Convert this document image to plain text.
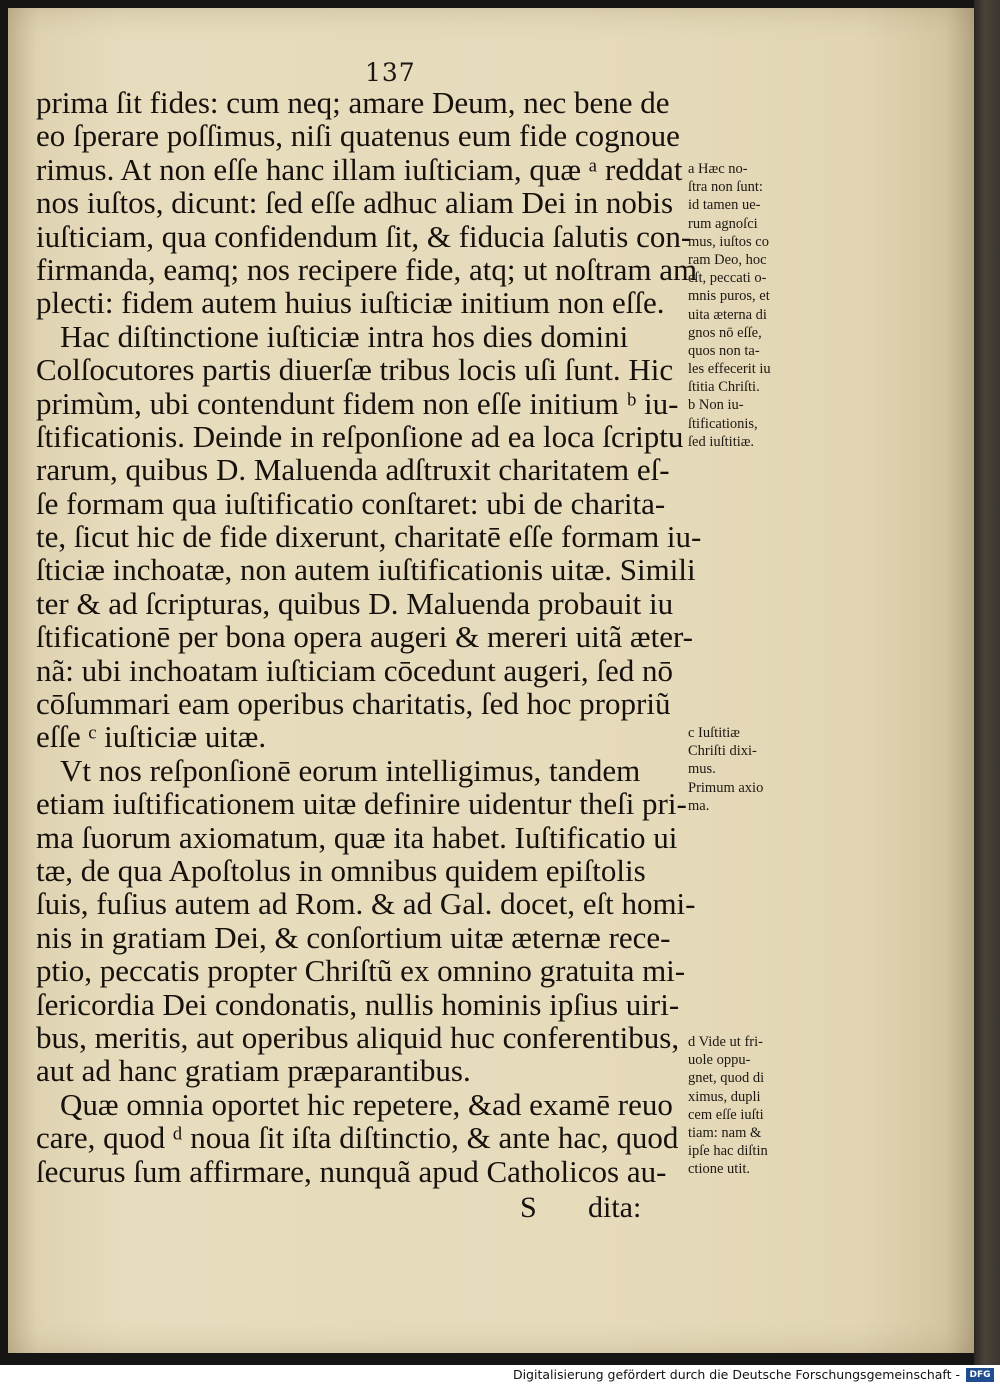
137
prima ſit fides: cum neq; amare Deum, nec bene de
eo ſperare poſſimus, niſi quatenus eum fide cognoue
rimus. At non eſſe hanc illam iuſticiam, quæ ᵃ reddat
nos iuſtos, dicunt: ſed eſſe adhuc aliam Dei in nobis
iuſticiam, qua confidendum ſit, & fiducia ſalutis con-
firmanda, eamq; nos recipere fide, atq; ut noſtram am
plecti: fidem autem huius iuſticiæ initium non eſſe.
Hac diſtinctione iuſticiæ intra hos dies domini
Colſocutores partis diuerſæ tribus locis uſi ſunt. Hic
primùm, ubi contendunt fidem non eſſe initium ᵇ iu-
ſtificationis. Deinde in reſponſione ad ea loca ſcriptu
rarum, quibus D. Maluenda adſtruxit charitatem eſ-
ſe formam qua iuſtificatio conſtaret: ubi de charita-
te, ſicut hic de fide dixerunt, charitatē eſſe formam iu-
ſticiæ inchoatæ, non autem iuſtificationis uitæ. Simili
ter & ad ſcripturas, quibus D. Maluenda probauit iu
ſtificationē per bona opera augeri & mereri uitã æter-
nã: ubi inchoatam iuſticiam cōcedunt augeri, ſed nō
cōſummari eam operibus charitatis, ſed hoc propriũ
eſſe ᶜ iuſticiæ uitæ.
Vt nos reſponſionē eorum intelligimus, tandem
etiam iuſtificationem uitæ definire uidentur theſi pri-
ma ſuorum axiomatum, quæ ita habet. Iuſtificatio ui
tæ, de qua Apoſtolus in omnibus quidem epiſtolis
ſuis, fuſius autem ad Rom. & ad Gal. docet, eſt homi-
nis in gratiam Dei, & conſortium uitæ æternæ rece-
ptio, peccatis propter Chriſtũ ex omnino gratuita mi-
ſericordia Dei condonatis, nullis hominis ipſius uiri-
bus, meritis, aut operibus aliquid huc conferentibus,
aut ad hanc gratiam præparantibus.
Quæ omnia oportet hic repetere, &ad examē reuo
care, quod ᵈ noua ſit iſta diſtinctio, & ante hac, quod
ſecurus ſum affirmare, nunquã apud Catholicos au-
S dita:
a Hæc no-
ſtra non ſunt:
id tamen ue-
rum agnoſci
mus, iuſtos co
ram Deo, hoc
eſt, peccati o-
mnis puros, et
uita æterna di
gnos nō eſſe,
quos non ta-
les effecerit iu
ſtitia Chriſti.
b Non iu-
ſtificationis,
ſed iuſtitiæ.
c Iuſtitiæ
Chriſti dixi-
mus.
Primum axio
ma.
d Vide ut fri-
uole oppu-
gnet, quod di
ximus, dupli
cem eſſe iuſti
tiam: nam &
ipſe hac diſtin
ctione utit.
Digitalisierung gefördert durch die Deutsche Forschungsgemeinschaft -	DFG
